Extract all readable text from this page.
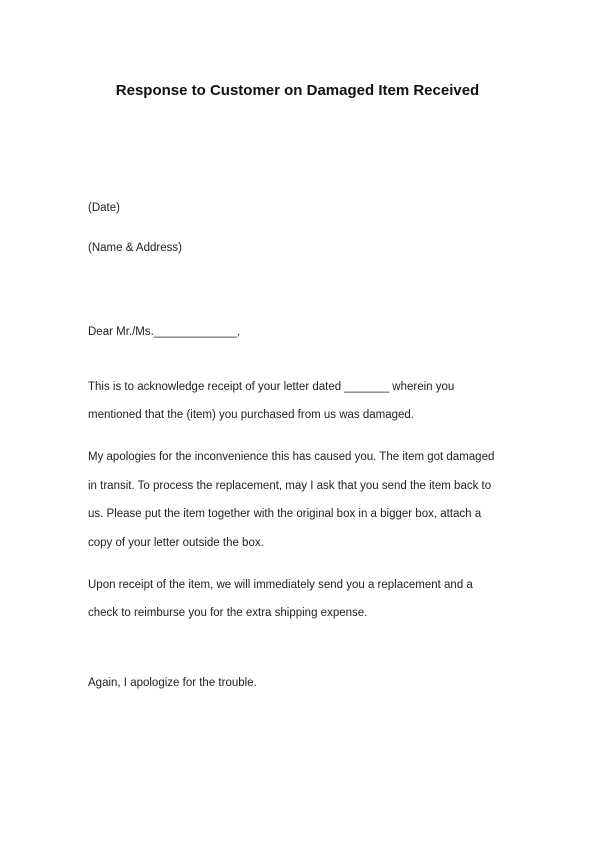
Response to Customer on Damaged Item Received
(Date)
(Name & Address)
Dear Mr./Ms._____________,
This is to acknowledge receipt of your letter dated _______ wherein you
mentioned that the (item) you purchased from us was damaged.
My apologies for the inconvenience this has caused you. The item got damaged
in transit. To process the replacement, may I ask that you send the item back to
us. Please put the item together with the original box in a bigger box, attach a
copy of your letter outside the box.
Upon receipt of the item, we will immediately send you a replacement and a
check to reimburse you for the extra shipping expense.
Again, I apologize for the trouble.
